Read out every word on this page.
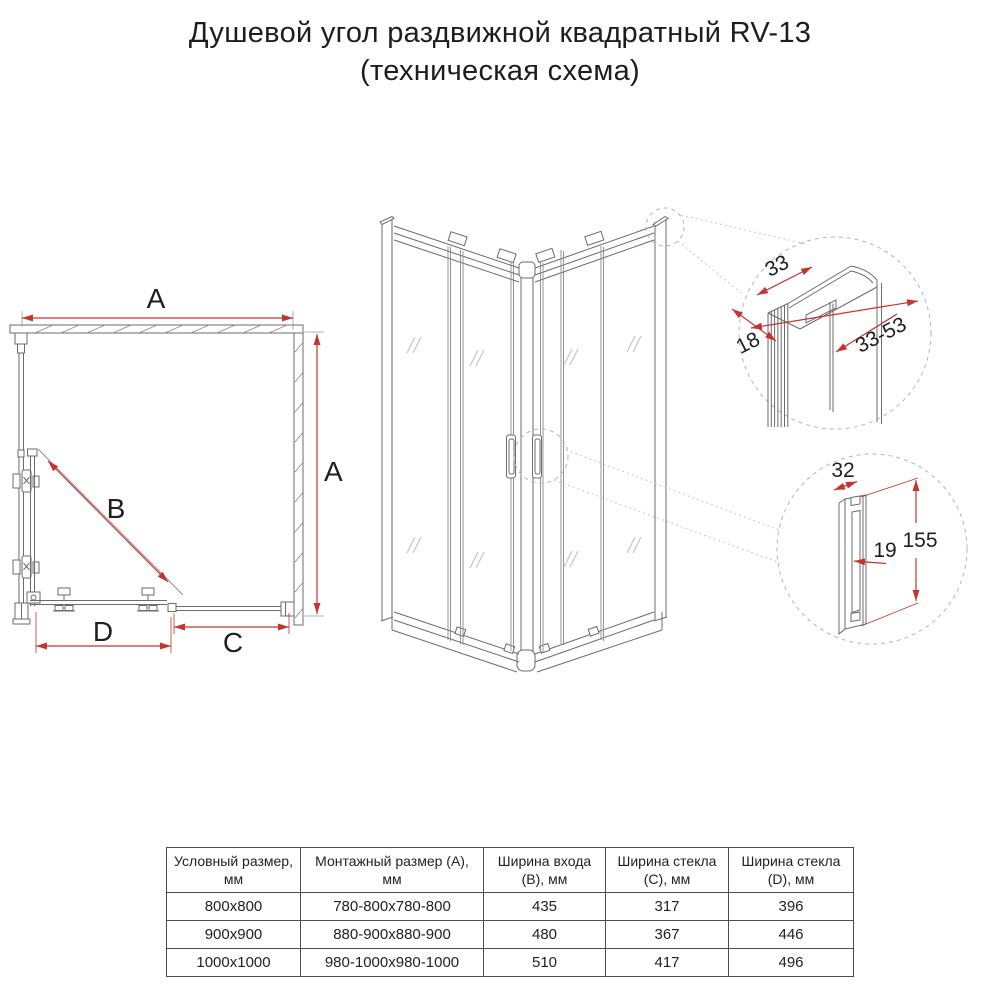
Душевой угол раздвижной квадратный RV-13
(техническая схема)
A
A
B
D	C
33
18	33-53
32
155
19
Условный размер, мм	Монтажный размер (A), мм	Ширина входа (B), мм	Ширина стекла (C), мм	Ширина стекла (D), мм
800x800	780-800x780-800	435	317	396
900x900	880-900x880-900	480	367	446
1000x1000	980-1000x980-1000	510	417	496
